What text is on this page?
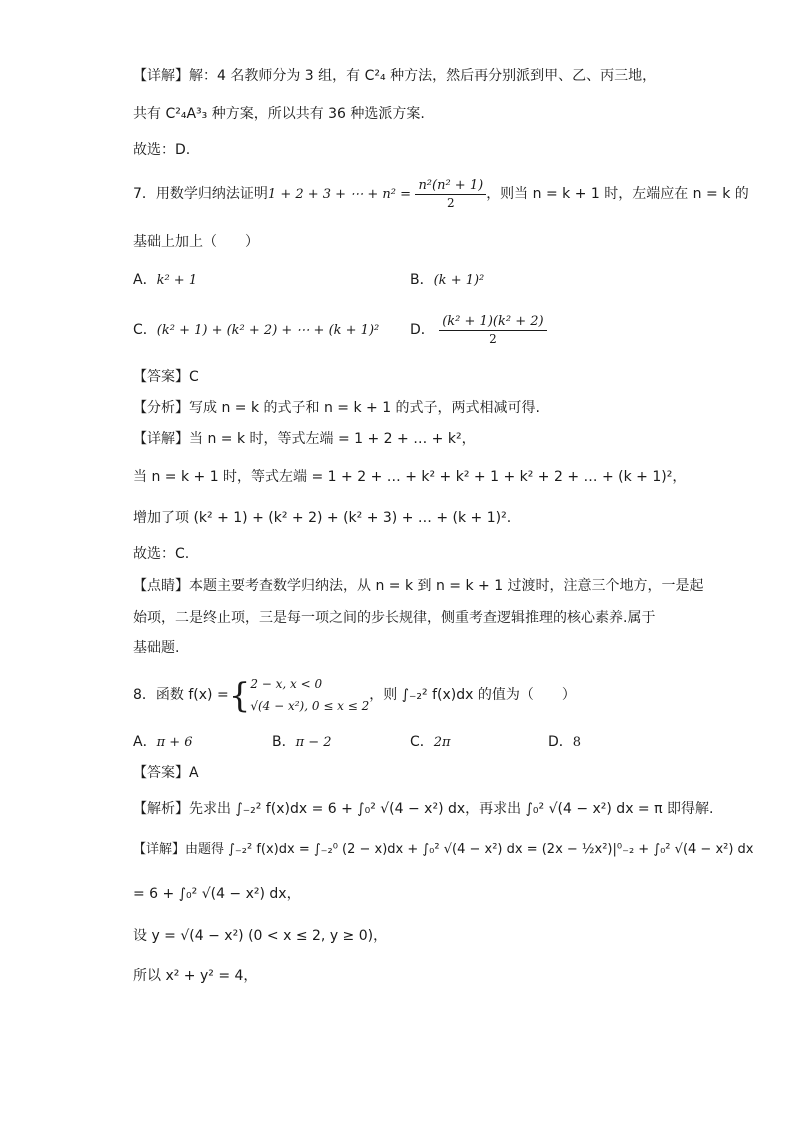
【详解】解：4 名教师分为 3 组，有 C²₄ 种方法，然后再分别派到甲、乙、丙三地，
共有 C²₄A³₃ 种方案，所以共有 36 种选派方案.
故选：D.
7．用数学归纳法证明1 + 2 + 3 + ⋯ + $n^2 = \frac{\text{n²(n² + 1)}}{2}$ ，则当 n = k + 1 时，左端应在 n = k 的
基础上加上（　　）
A．k² + 1	B．(k + 1)²
C．(k² + 1) + (k² + 2) + ⋯ + (k + 1)² D． $\frac{\text{(k² + 1)(k² + 2)}}{2}$
【答案】C
【分析】写成 n = k 的式子和 n = k + 1 的式子，两式相减可得.
【详解】当 n = k 时，等式左端 = 1 + 2 + … + k²，
当 n = k + 1 时，等式左端 = 1 + 2 + … + k² + k² + 1 + k² + 2 + … + (k + 1)²，
增加了项 (k² + 1) + (k² + 2) + (k² + 3) + … + (k + 1)².
故选：C.
【点睛】本题主要考查数学归纳法，从 n = k 到 n = k + 1 过渡时，注意三个地方，一是起
始项，二是终止项，三是每一项之间的步长规律，侧重考查逻辑推理的核心素养.属于
基础题.
8．函数 f(x) ={ 2 − x, x < 0
√(4 − x²), 0 ≤ x ≤ 2
，则 ∫₋₂² f(x)dx 的值为（　　）
A．π + 6	B．π − 2	C．2π	D．8
【答案】A
【解析】先求出 ∫₋₂² f(x)dx = 6 + ∫₀² √(4 − x²) dx，再求出 ∫₀² √(4 − x²) dx = π 即得解.
【详解】由题得 ∫₋₂² f(x)dx = ∫₋₂⁰ (2 − x)dx + ∫₀² √(4 − x²) dx = (2x − ½x²)|⁰₋₂ + ∫₀² √(4 − x²) dx
= 6 + ∫₀² √(4 − x²) dx，
设 y = √(4 − x²) (0 < x ≤ 2, y ≥ 0)，
所以 x² + y² = 4，
